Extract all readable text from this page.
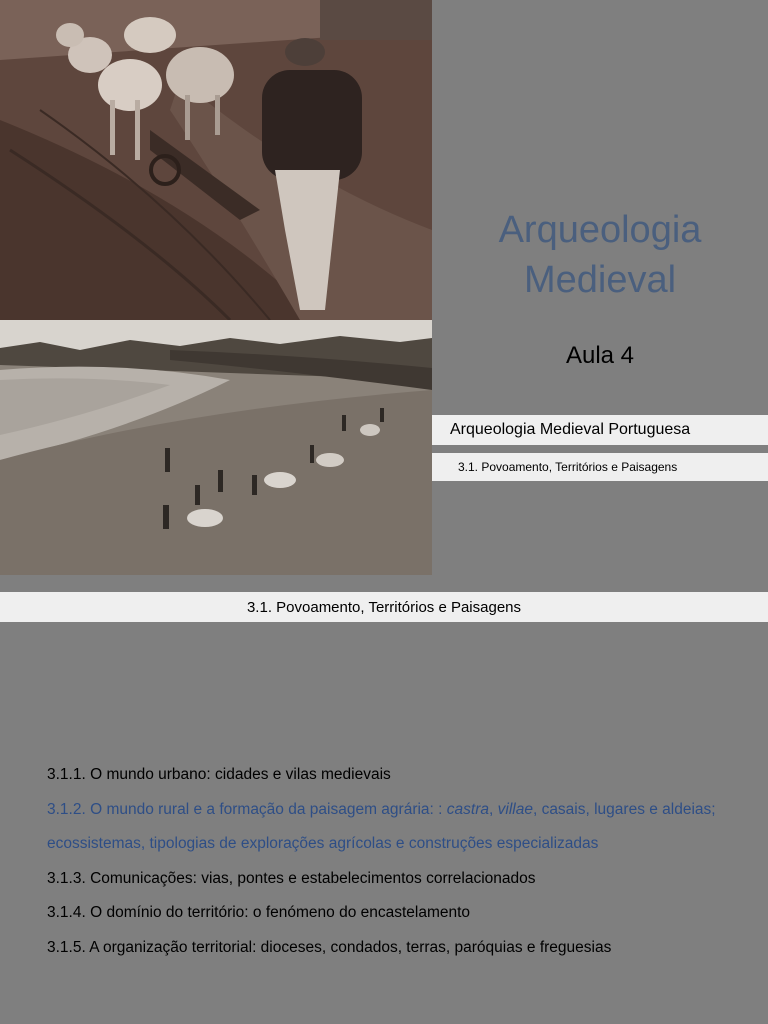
Arqueologia
Medieval
Aula 4
Arqueologia Medieval Portuguesa
3.1. Povoamento, Territórios e Paisagens
3.1. Povoamento, Territórios e Paisagens
3.1.1. O mundo urbano: cidades e vilas medievais
3.1.2. O mundo rural e a formação da paisagem agrária: : castra, villae, casais, lugares e aldeias; ecossistemas, tipologias de explorações agrícolas e construções especializadas
3.1.3. Comunicações: vias, pontes e estabelecimentos correlacionados
3.1.4. O domínio do território: o fenómeno do encastelamento
3.1.5. A organização territorial: dioceses, condados, terras, paróquias e freguesias
